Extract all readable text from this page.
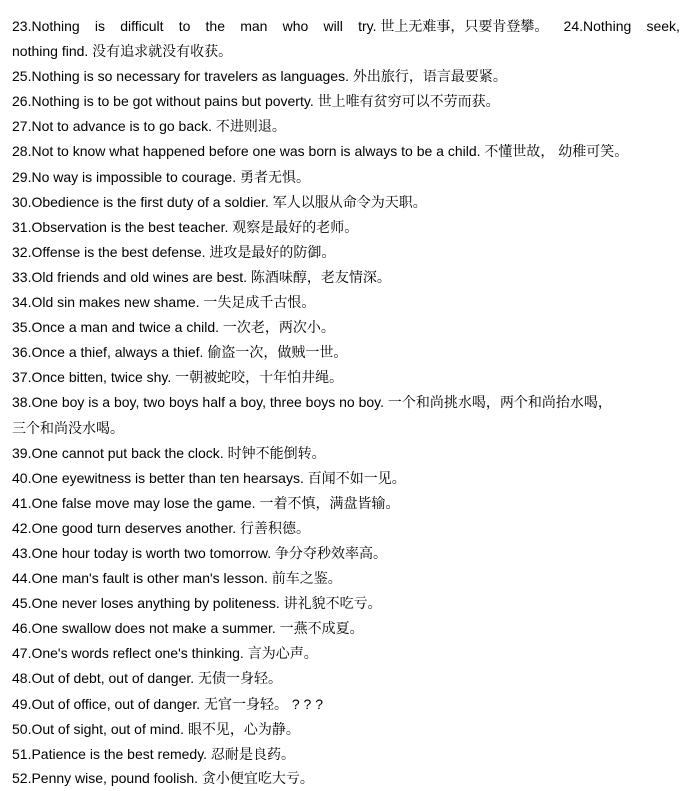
23.Nothing is difficult to the man who will try. 世上无难事，只要肯登攀。 24.Nothing seek,
nothing find. 没有追求就没有收获。
25.Nothing is so necessary for travelers as languages. 外出旅行，语言最要紧。
26.Nothing is to be got without pains but poverty. 世上唯有贫穷可以不劳而获。
27.Not to advance is to go back. 不进则退。
28.Not to know what happened before one was born is always to be a child. 不懂世故， 幼稚可笑。
29.No way is impossible to courage. 勇者无惧。
30.Obedience is the first duty of a soldier. 军人以服从命令为天职。
31.Observation is the best teacher. 观察是最好的老师。
32.Offense is the best defense. 进攻是最好的防御。
33.Old friends and old wines are best. 陈酒味醇，老友情深。
34.Old sin makes new shame. 一失足成千古恨。
35.Once a man and twice a child. 一次老，两次小。
36.Once a thief, always a thief. 偷盗一次，做贼一世。
37.Once bitten, twice shy. 一朝被蛇咬，十年怕井绳。
38.One boy is a boy, two boys half a boy, three boys no boy. 一个和尚挑水喝，两个和尚抬水喝，
三个和尚没水喝。
39.One cannot put back the clock. 时钟不能倒转。
40.One eyewitness is better than ten hearsays. 百闻不如一见。
41.One false move may lose the game. 一着不慎，满盘皆输。
42.One good turn deserves another. 行善积德。
43.One hour today is worth two tomorrow. 争分夺秒效率高。
44.One man's fault is other man's lesson. 前车之鉴。
45.One never loses anything by politeness. 讲礼貌不吃亏。
46.One swallow does not make a summer. 一燕不成夏。
47.One's words reflect one's thinking. 言为心声。
48.Out of debt, out of danger. 无债一身轻。
49.Out of office, out of danger. 无官一身轻。 ? ? ?
50.Out of sight, out of mind. 眼不见，心为静。
51.Patience is the best remedy. 忍耐是良药。
52.Penny wise, pound foolish. 贪小便宜吃大亏。
